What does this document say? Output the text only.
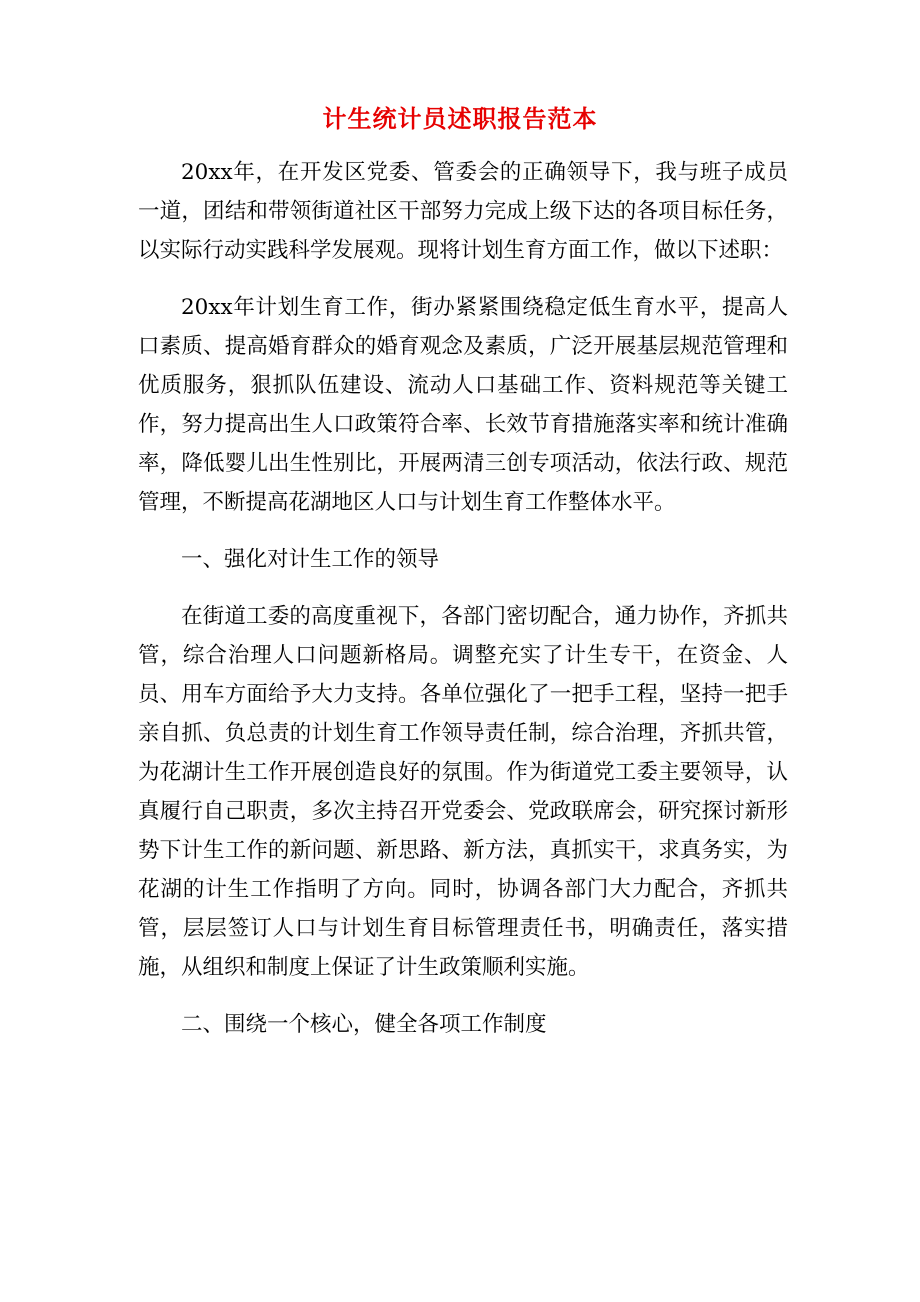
计生统计员述职报告范本

20xx年，在开发区党委、管委会的正确领导下，我与班子成员一道，团结和带领街道社区干部努力完成上级下达的各项目标任务，以实际行动实践科学发展观。现将计划生育方面工作，做以下述职：

20xx年计划生育工作，街办紧紧围绕稳定低生育水平，提高人口素质、提高婚育群众的婚育观念及素质，广泛开展基层规范管理和优质服务，狠抓队伍建设、流动人口基础工作、资料规范等关键工作，努力提高出生人口政策符合率、长效节育措施落实率和统计准确率，降低婴儿出生性别比，开展两清三创专项活动，依法行政、规范管理，不断提高花湖地区人口与计划生育工作整体水平。

一、强化对计生工作的领导

在街道工委的高度重视下，各部门密切配合，通力协作，齐抓共管，综合治理人口问题新格局。调整充实了计生专干，在资金、人员、用车方面给予大力支持。各单位强化了一把手工程，坚持一把手亲自抓、负总责的计划生育工作领导责任制，综合治理，齐抓共管，为花湖计生工作开展创造良好的氛围。作为街道党工委主要领导，认真履行自己职责，多次主持召开党委会、党政联席会，研究探讨新形势下计生工作的新问题、新思路、新方法，真抓实干，求真务实，为花湖的计生工作指明了方向。同时，协调各部门大力配合，齐抓共管，层层签订人口与计划生育目标管理责任书，明确责任，落实措施，从组织和制度上保证了计生政策顺利实施。

二、围绕一个核心，健全各项工作制度
